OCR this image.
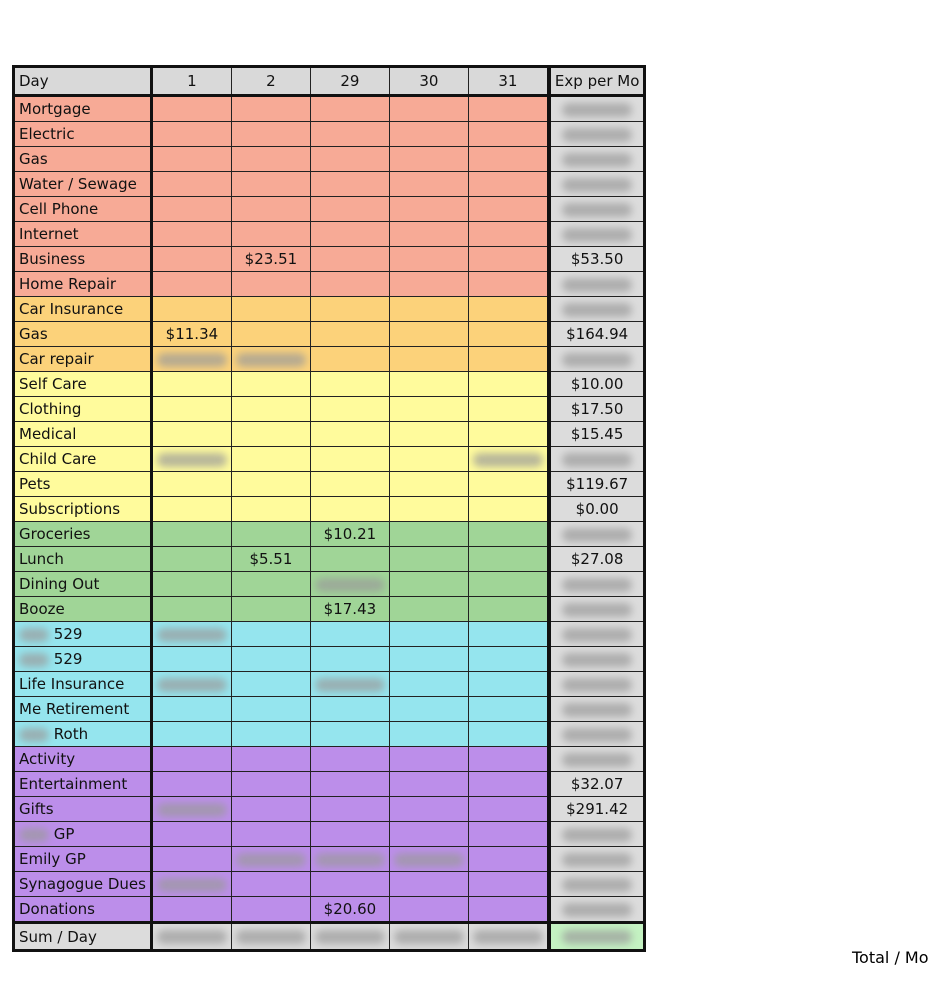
Day	1	2	29	30	31	Exp per Mo
Mortgage						
Electric						
Gas						
Water / Sewage						
Cell Phone						
Internet						
Business		$23.51				$53.50
Home Repair						
Car Insurance						
Gas	$11.34					$164.94
Car repair						
Self Care						$10.00
Clothing						$17.50
Medical						$15.45
Child Care						
Pets						$119.67
Subscriptions						$0.00
Groceries			$10.21			
Lunch		$5.51				$27.08
Dining Out						
Booze			$17.43			
529						
529						
Life Insurance						
Me Retirement						
Roth						
Activity						
Entertainment						$32.07
Gifts						$291.42
GP						
Emily GP						
Synagogue Dues						
Donations			$20.60			
Sum / Day						
Total / Mo
